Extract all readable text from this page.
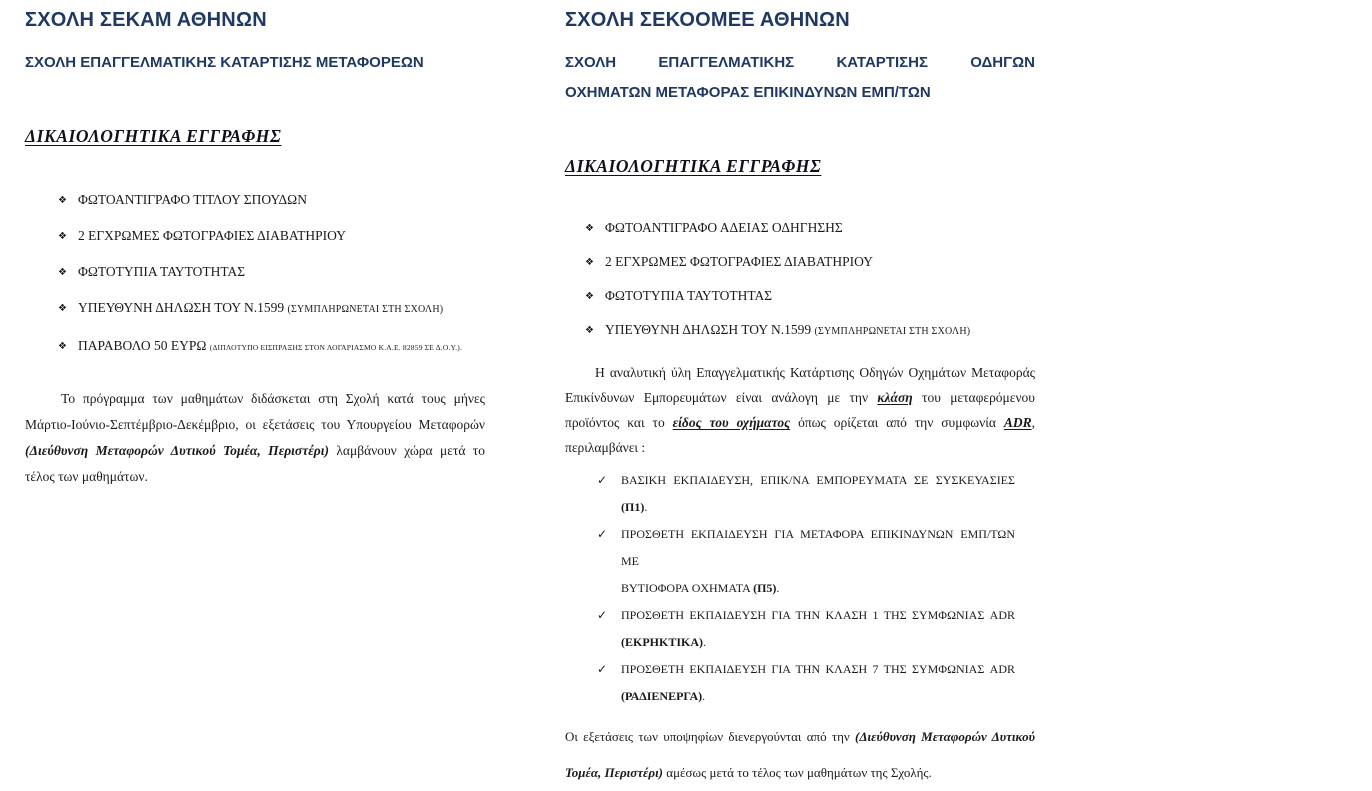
ΣΧΟΛΗ ΣΕΚΑΜ ΑΘΗΝΩΝ
ΣΧΟΛΗ ΕΠΑΓΓΕΛΜΑΤΙΚΗΣ ΚΑΤΑΡΤΙΣΗΣ ΜΕΤΑΦΟΡΕΩΝ
ΔΙΚΑΙΟΛΟΓΗΤΙΚΑ ΕΓΓΡΑΦΗΣ
❖ ΦΩΤΟΑΝΤΙΓΡΑΦΟ ΤΙΤΛΟΥ ΣΠΟΥΔΩΝ
❖ 2 ΕΓΧΡΩΜΕΣ ΦΩΤΟΓΡΑΦΙΕΣ ΔΙΑΒΑΤΗΡΙΟΥ
❖ ΦΩΤΟΤΥΠΙΑ ΤΑΥΤΟΤΗΤΑΣ
❖ ΥΠΕΥΘΥΝΗ ΔΗΛΩΣΗ ΤΟΥ Ν.1599 (ΣΥΜΠΛΗΡΩΝΕΤΑΙ ΣΤΗ ΣΧΟΛΗ)
❖ ΠΑΡΑΒΟΛΟ 50 ΕΥΡΩ (ΔΙΠΛΟΤΥΠΟ ΕΙΣΠΡΑΞΗΣ ΣΤΟΝ ΛΟΓΑΡΙΑΣΜΟ Κ.Α.Ε. 82859 ΣΕ Δ.Ο.Υ.).
Το πρόγραμμα των μαθημάτων διδάσκεται στη Σχολή κατά τους μήνες Μάρτιο-Ιούνιο-Σεπτέμβριο-Δεκέμβριο, οι εξετάσεις του Υπουργείου Μεταφορών (Διεύθυνση Μεταφορών Δυτικού Τομέα, Περιστέρι) λαμβάνουν χώρα μετά το τέλος των μαθημάτων.
ΣΧΟΛΗ ΣΕΚΟΟΜΕΕ ΑΘΗΝΩΝ
ΣΧΟΛΗ ΕΠΑΓΓΕΛΜΑΤΙΚΗΣ ΚΑΤΑΡΤΙΣΗΣ ΟΔΗΓΩΝ
ΟΧΗΜΑΤΩΝ ΜΕΤΑΦΟΡΑΣ ΕΠΙΚΙΝΔΥΝΩΝ ΕΜΠ/ΤΩΝ
ΔΙΚΑΙΟΛΟΓΗΤΙΚΑ ΕΓΓΡΑΦΗΣ
❖ ΦΩΤΟΑΝΤΙΓΡΑΦΟ ΑΔΕΙΑΣ ΟΔΗΓΗΣΗΣ
❖ 2 ΕΓΧΡΩΜΕΣ ΦΩΤΟΓΡΑΦΙΕΣ ΔΙΑΒΑΤΗΡΙΟΥ
❖ ΦΩΤΟΤΥΠΙΑ ΤΑΥΤΟΤΗΤΑΣ
❖ ΥΠΕΥΘΥΝΗ ΔΗΛΩΣΗ ΤΟΥ Ν.1599 (ΣΥΜΠΛΗΡΩΝΕΤΑΙ ΣΤΗ ΣΧΟΛΗ)
Η αναλυτική ύλη Επαγγελματικής Κατάρτισης Οδηγών Οχημάτων Μεταφοράς Επικίνδυνων Εμπορευμάτων είναι ανάλογη με την κλάση του μεταφερόμενου προϊόντος και το είδος του οχήματος όπως ορίζεται από την συμφωνία ADR, περιλαμβάνει :
✓ ΒΑΣΙΚΗ ΕΚΠΑΙΔΕΥΣΗ, ΕΠΙΚ/ΝΑ ΕΜΠΟΡΕΥΜΑΤΑ ΣΕ ΣΥΣΚΕΥΑΣΙΕΣ
(Π1).
✓ ΠΡΟΣΘΕΤΗ ΕΚΠΑΙΔΕΥΣΗ ΓΙΑ ΜΕΤΑΦΟΡΑ ΕΠΙΚΙΝΔΥΝΩΝ ΕΜΠ/ΤΩΝ ΜΕ
ΒΥΤΙΟΦΟΡΑ ΟΧΗΜΑΤΑ (Π5).
✓ ΠΡΟΣΘΕΤΗ ΕΚΠΑΙΔΕΥΣΗ ΓΙΑ ΤΗΝ ΚΛΑΣΗ 1 ΤΗΣ ΣΥΜΦΩΝΙΑΣ ADR
(ΕΚΡΗΚΤΙΚΑ).
✓ ΠΡΟΣΘΕΤΗ ΕΚΠΑΙΔΕΥΣΗ ΓΙΑ ΤΗΝ ΚΛΑΣΗ 7 ΤΗΣ ΣΥΜΦΩΝΙΑΣ ADR
(ΡΑΔΙΕΝΕΡΓΑ).
Οι εξετάσεις των υποψηφίων διενεργούνται από την (Διεύθυνση Μεταφορών Δυτικού Τομέα, Περιστέρι) αμέσως μετά το τέλος των μαθημάτων της Σχολής.
